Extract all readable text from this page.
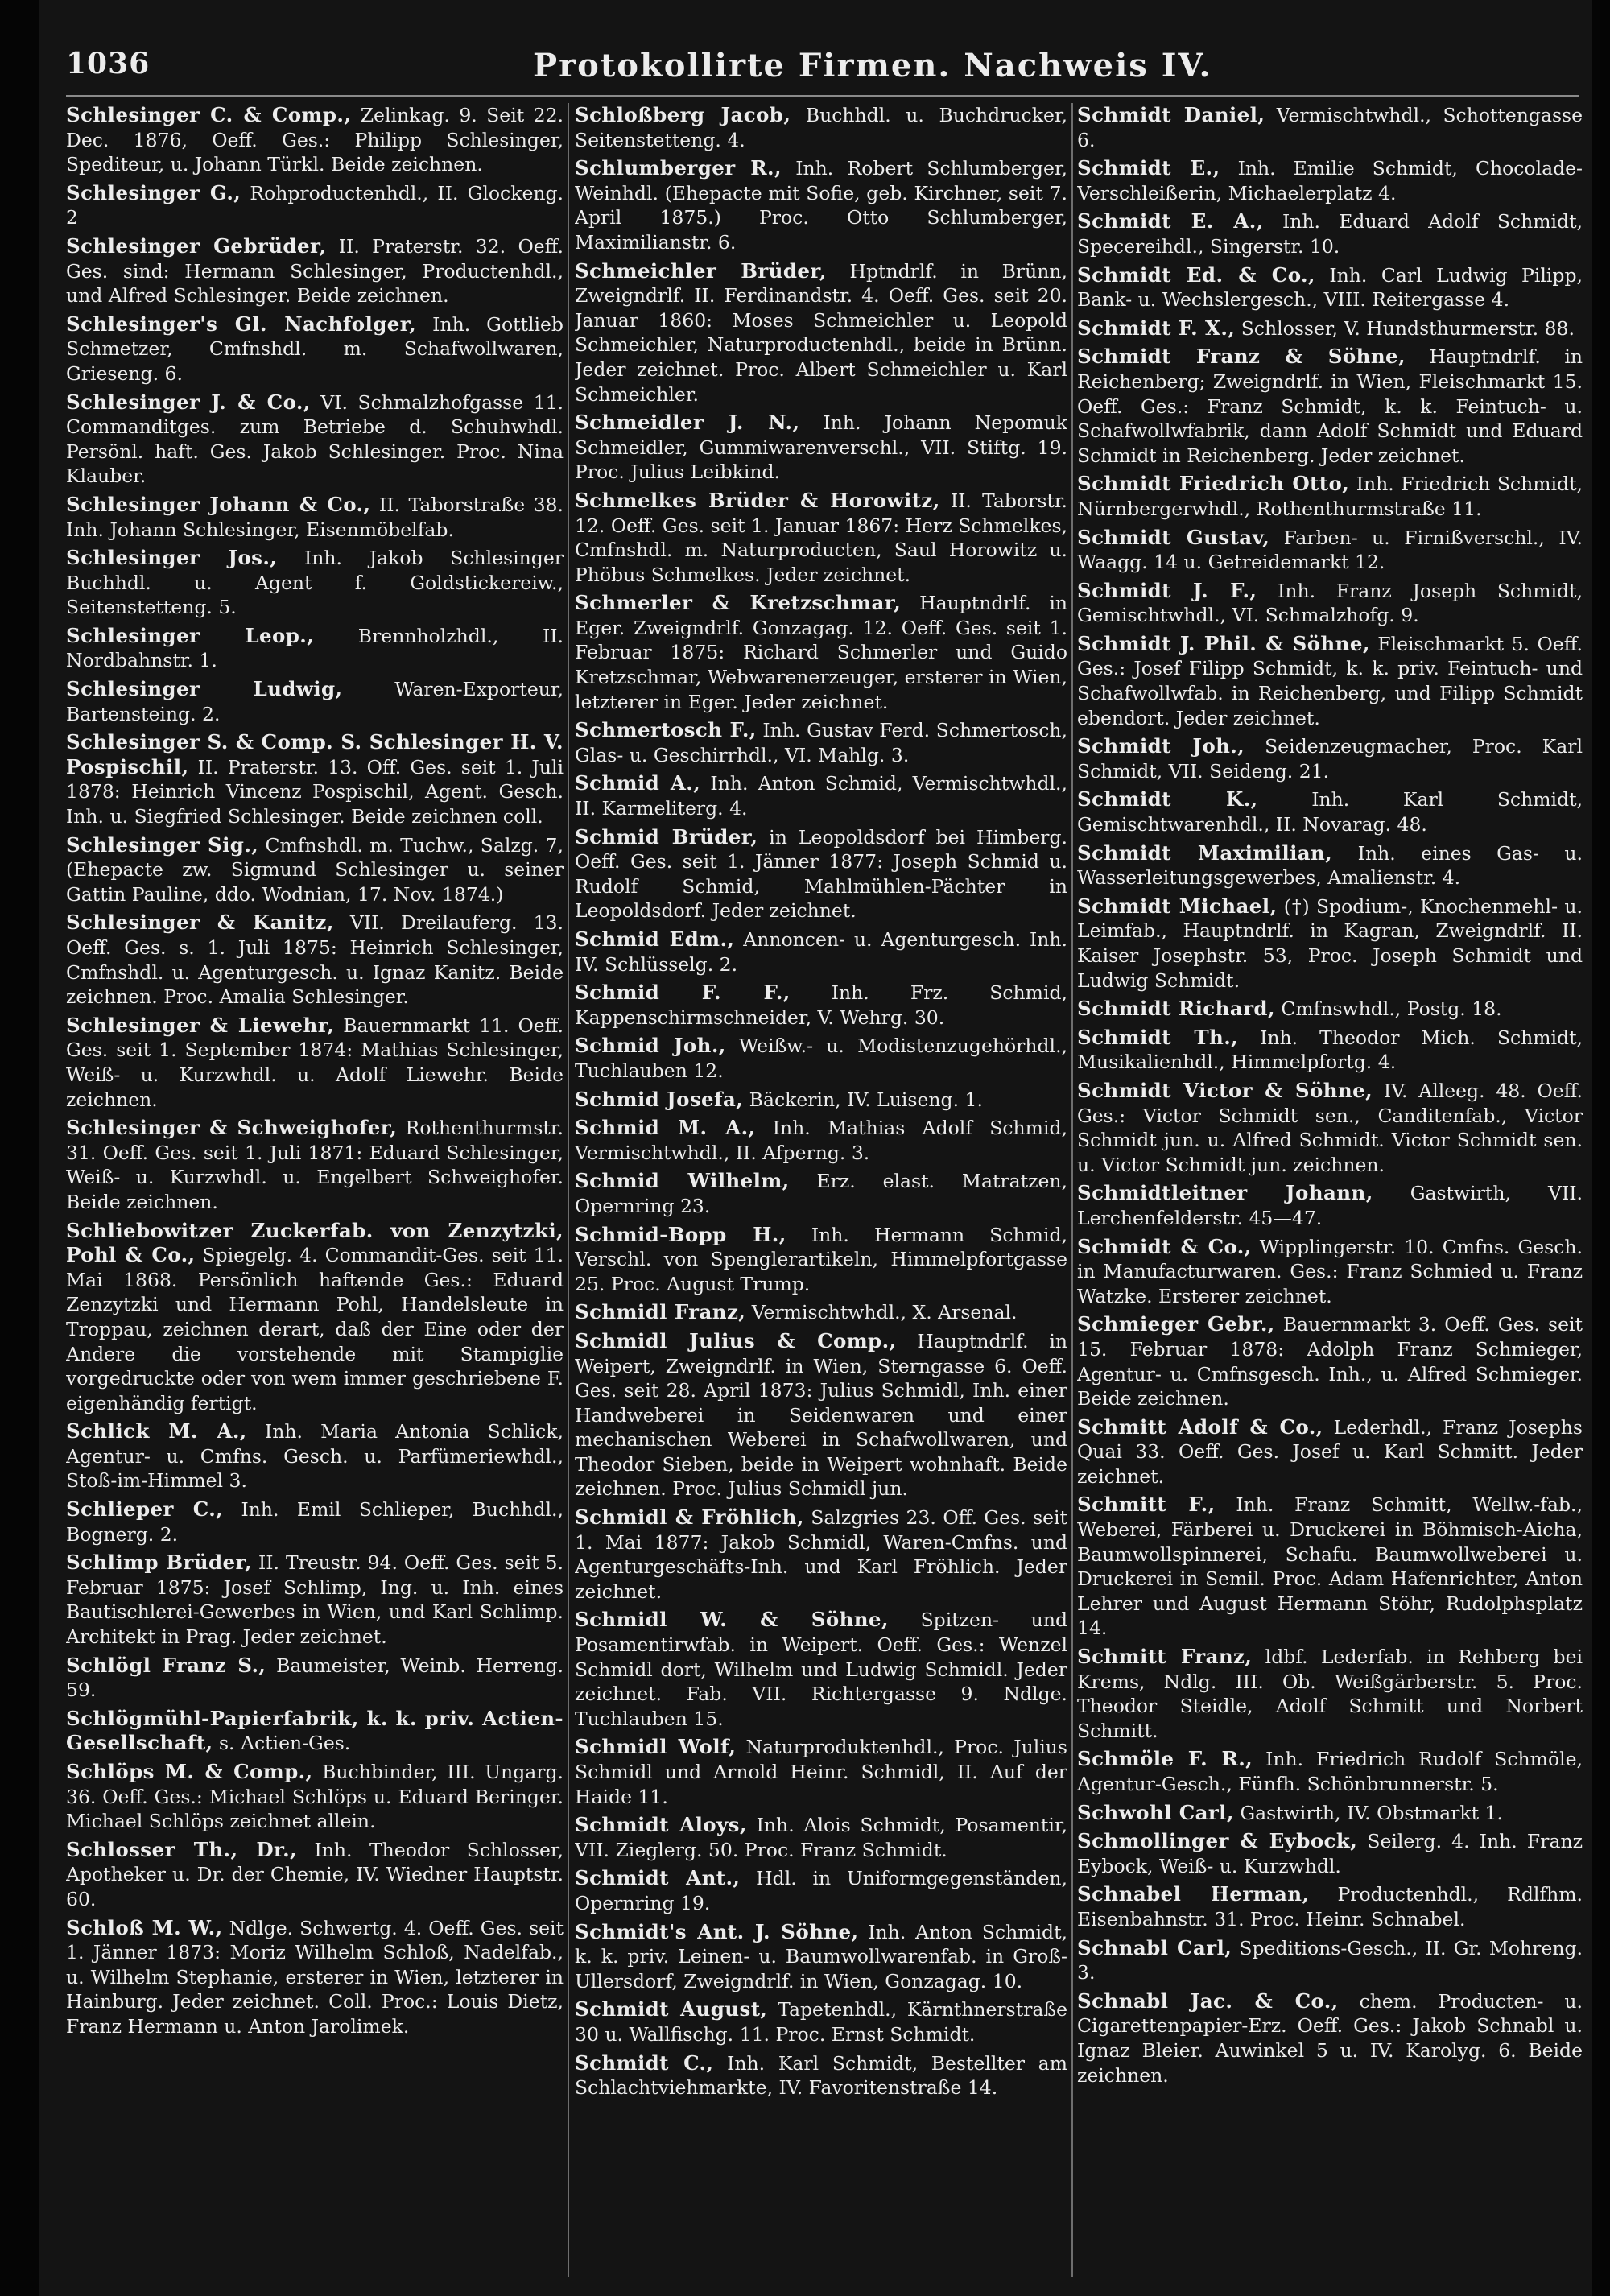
1036	Protokollirte Firmen. Nachweis IV.

Schlesinger C. & Comp., Zelinkag. 9. Seit 22. Dec. 1876, Oeff. Ges.: Philipp Schlesinger, Spediteur, u. Johann Türkl. Beide zeichnen.

Schlesinger G., Rohproductenhdl., II. Glockeng. 2

Schlesinger Gebrüder, II. Praterstr. 32. Oeff. Ges. sind: Hermann Schlesinger, Productenhdl., und Alfred Schlesinger. Beide zeichnen.

Schlesinger's Gl. Nachfolger, Inh. Gottlieb Schmetzer, Cmfnshdl. m. Schafwollwaren, Grieseng. 6.

Schlesinger J. & Co., VI. Schmalzhofgasse 11. Commanditges. zum Betriebe d. Schuhwhdl. Persönl. haft. Ges. Jakob Schlesinger. Proc. Nina Klauber.

Schlesinger Johann & Co., II. Taborstraße 38. Inh. Johann Schlesinger, Eisenmöbelfab.

Schlesinger Jos., Inh. Jakob Schlesinger Buchhdl. u. Agent f. Goldstickereiw., Seitenstetteng. 5.

Schlesinger Leop., Brennholzhdl., II. Nordbahnstr. 1.

Schlesinger Ludwig,	Waren-Exporteur, Bartensteing. 2.

Schlesinger S. & Comp. S. Schlesinger H. V. Pospischil, II. Praterstr. 13. Off. Ges. seit 1. Juli 1878: Heinrich Vincenz Pospischil, Agent. Gesch. Inh. u. Siegfried Schlesinger. Beide zeichnen coll.

Schlesinger Sig., Cmfnshdl. m. Tuchw., Salzg. 7, (Ehepacte zw. Sigmund Schlesinger u. seiner Gattin Pauline, ddo. Wodnian, 17. Nov. 1874.)

Schlesinger & Kanitz, VII. Dreilauferg. 13. Oeff. Ges. s. 1. Juli 1875: Heinrich Schlesinger, Cmfnshdl. u. Agenturgesch. u. Ignaz Kanitz. Beide zeichnen. Proc. Amalia Schlesinger.

Schlesinger & Liewehr, Bauernmarkt 11. Oeff. Ges. seit 1. September 1874: Mathias Schlesinger, Weiß- u. Kurzwhdl. u. Adolf Liewehr. Beide zeichnen.

Schlesinger & Schweighofer, Rothenthurmstr. 31. Oeff. Ges. seit 1. Juli 1871: Eduard Schlesinger, Weiß- u. Kurzwhdl. u. Engelbert Schweighofer. Beide zeichnen.

Schliebowitzer Zuckerfab. von Zenzytzki, Pohl & Co., Spiegelg. 4. Commandit-Ges. seit 11. Mai 1868. Persönlich haftende Ges.: Eduard Zenzytzki und Hermann Pohl, Handelsleute in Troppau, zeichnen derart, daß der Eine oder der Andere die vorstehende mit Stampiglie vorgedruckte oder von wem immer geschriebene F. eigenhändig fertigt.

Schlick M. A., Inh. Maria Antonia Schlick, Agentur- u. Cmfns. Gesch. u. Parfümeriewhdl., Stoß-im-Himmel 3.

Schlieper C., Inh. Emil Schlieper, Buchhdl., Bognerg. 2.

Schlimp Brüder, II. Treustr. 94. Oeff. Ges. seit 5. Februar 1875: Josef Schlimp, Ing. u. Inh. eines Bautischlerei-Gewerbes in Wien, und Karl Schlimp. Architekt in Prag. Jeder zeichnet.

Schlögl Franz S., Baumeister, Weinb. Herreng. 59.

Schlögmühl-Papierfabrik, k. k. priv. Actien-Gesellschaft, s. Actien-Ges.

Schlöps M. & Comp., Buchbinder, III. Ungarg. 36. Oeff. Ges.: Michael Schlöps u. Eduard Beringer. Michael Schlöps zeichnet allein.

Schlosser Th., Dr., Inh. Theodor Schlosser, Apotheker u. Dr. der Chemie, IV. Wiedner Hauptstr. 60.

Schloß M. W., Ndlge. Schwertg. 4. Oeff. Ges. seit 1. Jänner 1873: Moriz Wilhelm Schloß, Nadelfab., u. Wilhelm Stephanie, ersterer in Wien, letzterer in Hainburg. Jeder zeichnet. Coll. Proc.: Louis Dietz, Franz Hermann u. Anton Jarolimek.

Schloßberg Jacob, Buchhdl. u. Buchdrucker, Seitenstetteng. 4.

Schlumberger R., Inh. Robert Schlumberger, Weinhdl. (Ehepacte mit Sofie, geb. Kirchner, seit 7. April 1875.) Proc. Otto Schlumberger, Maximilianstr. 6.

Schmeichler Brüder, Hptndrlf. in Brünn, Zweigndrlf. II. Ferdinandstr. 4. Oeff. Ges. seit 20. Januar 1860: Moses Schmeichler u. Leopold Schmeichler, Naturproductenhdl., beide in Brünn. Jeder zeichnet. Proc. Albert Schmeichler u. Karl Schmeichler.

Schmeidler J. N., Inh. Johann Nepomuk Schmeidler, Gummiwarenverschl., VII. Stiftg. 19. Proc. Julius Leibkind.

Schmelkes Brüder & Horowitz, II. Taborstr. 12. Oeff. Ges. seit 1. Januar 1867: Herz Schmelkes, Cmfnshdl. m. Naturproducten, Saul Horowitz u. Phöbus Schmelkes. Jeder zeichnet.

Schmerler & Kretzschmar, Hauptndrlf. in Eger. Zweigndrlf. Gonzagag. 12. Oeff. Ges. seit 1. Februar 1875: Richard Schmerler und Guido Kretzschmar, Webwarenerzeuger, ersterer in Wien, letzterer in Eger. Jeder zeichnet.

Schmertosch F., Inh. Gustav Ferd. Schmertosch, Glas- u. Geschirrhdl., VI. Mahlg. 3.

Schmid A., Inh. Anton Schmid, Vermischtwhdl., II. Karmeliterg. 4.

Schmid Brüder, in Leopoldsdorf bei Himberg. Oeff. Ges. seit 1. Jänner 1877: Joseph Schmid u. Rudolf Schmid, Mahlmühlen-Pächter in Leopoldsdorf. Jeder zeichnet.

Schmid Edm., Annoncen- u. Agenturgesch. Inh. IV. Schlüsselg. 2.

Schmid F. F., Inh. Frz. Schmid, Kappenschirmschneider, V. Wehrg. 30.

Schmid Joh., Weißw.- u. Modistenzugehörhdl., Tuchlauben 12.

Schmid Josefa, Bäckerin, IV. Luiseng. 1.

Schmid M. A., Inh. Mathias Adolf Schmid, Vermischtwhdl., II. Afperng. 3.

Schmid Wilhelm, Erz. elast. Matratzen, Opernring 23.

Schmid-Bopp H., Inh. Hermann Schmid, Verschl. von Spenglerartikeln, Himmelpfortgasse 25. Proc. August Trump.

Schmidl Franz, Vermischtwhdl., X. Arsenal.

Schmidl Julius & Comp., Hauptndrlf. in Weipert, Zweigndrlf. in Wien, Sterngasse 6. Oeff. Ges. seit 28. April 1873: Julius Schmidl, Inh. einer Handweberei in Seidenwaren und einer mechanischen Weberei in Schafwollwaren, und Theodor Sieben, beide in Weipert wohnhaft. Beide zeichnen. Proc. Julius Schmidl jun.

Schmidl & Fröhlich, Salzgries 23. Off. Ges. seit 1. Mai 1877: Jakob Schmidl, Waren-Cmfns. und Agenturgeschäfts-Inh. und Karl Fröhlich. Jeder zeichnet.

Schmidl W. & Söhne, Spitzen- und Posamentirwfab. in Weipert. Oeff. Ges.: Wenzel Schmidl dort, Wilhelm und Ludwig Schmidl. Jeder zeichnet. Fab. VII. Richtergasse 9. Ndlge. Tuchlauben 15.

Schmidl Wolf, Naturproduktenhdl., Proc. Julius Schmidl und Arnold Heinr. Schmidl, II. Auf der Haide 11.

Schmidt Aloys, Inh. Alois Schmidt, Posamentir, VII. Zieglerg. 50. Proc. Franz Schmidt.

Schmidt Ant., Hdl. in Uniformgegenständen, Opernring 19.

Schmidt's Ant. J. Söhne, Inh. Anton Schmidt, k. k. priv. Leinen- u. Baumwollwarenfab. in Groß-Ullersdorf, Zweigndrlf. in Wien, Gonzagag. 10.

Schmidt August, Tapetenhdl., Kärnthnerstraße 30 u. Wallfischg. 11. Proc. Ernst Schmidt.

Schmidt C., Inh. Karl Schmidt, Bestellter am Schlachtviehmarkte, IV. Favoritenstraße 14.

Schmidt Daniel, Vermischtwhdl., Schottengasse 6.

Schmidt E., Inh. Emilie Schmidt, Chocolade-Verschleißerin, Michaelerplatz 4.

Schmidt E. A., Inh. Eduard Adolf Schmidt, Specereihdl., Singerstr. 10.

Schmidt Ed. & Co., Inh. Carl Ludwig Pilipp, Bank- u. Wechslergesch., VIII. Reitergasse 4.

Schmidt F. X., Schlosser, V. Hundsthurmerstr. 88.

Schmidt Franz & Söhne, Hauptndrlf. in Reichenberg; Zweigndrlf. in Wien, Fleischmarkt 15. Oeff. Ges.: Franz Schmidt, k. k. Feintuch- u. Schafwollwfabrik, dann Adolf Schmidt und Eduard Schmidt in Reichenberg. Jeder zeichnet.

Schmidt Friedrich Otto, Inh. Friedrich Schmidt, Nürnbergerwhdl., Rothenthurmstraße 11.

Schmidt Gustav, Farben- u. Firnißverschl., IV. Waagg. 14 u. Getreidemarkt 12.

Schmidt J. F., Inh. Franz Joseph Schmidt, Gemischtwhdl., VI. Schmalzhofg. 9.

Schmidt J. Phil. & Söhne, Fleischmarkt 5. Oeff. Ges.: Josef Filipp Schmidt, k. k. priv. Feintuch- und Schafwollwfab. in Reichenberg, und Filipp Schmidt ebendort. Jeder zeichnet.

Schmidt Joh., Seidenzeugmacher, Proc. Karl Schmidt, VII. Seideng. 21.

Schmidt K.,	Inh. Karl Schmidt, Gemischtwarenhdl., II. Novarag. 48.

Schmidt Maximilian, Inh. eines Gas- u. Wasserleitungsgewerbes, Amalienstr. 4.

Schmidt Michael, (†) Spodium-, Knochenmehl- u. Leimfab., Hauptndrlf. in Kagran, Zweigndrlf. II. Kaiser Josephstr. 53, Proc. Joseph Schmidt und Ludwig Schmidt.

Schmidt Richard, Cmfnswhdl., Postg. 18.

Schmidt Th., Inh. Theodor Mich. Schmidt, Musikalienhdl., Himmelpfortg. 4.

Schmidt Victor & Söhne, IV. Alleeg. 48. Oeff. Ges.: Victor Schmidt sen., Canditenfab., Victor Schmidt jun. u. Alfred Schmidt. Victor Schmidt sen. u. Victor Schmidt jun. zeichnen.

Schmidtleitner Johann, Gastwirth, VII. Lerchenfelderstr. 45—47.

Schmidt & Co., Wipplingerstr. 10. Cmfns. Gesch. in Manufacturwaren. Ges.: Franz Schmied u. Franz Watzke. Ersterer zeichnet.

Schmieger Gebr., Bauernmarkt 3. Oeff. Ges. seit 15. Februar 1878: Adolph Franz Schmieger, Agentur- u. Cmfnsgesch. Inh., u. Alfred Schmieger. Beide zeichnen.

Schmitt Adolf & Co., Lederhdl., Franz Josephs Quai 33. Oeff. Ges. Josef u. Karl Schmitt. Jeder zeichnet.

Schmitt F., Inh. Franz Schmitt, Wellw.-fab., Weberei, Färberei u. Druckerei in Böhmisch-Aicha, Baumwollspinnerei, Schafu. Baumwollweberei u. Druckerei in Semil. Proc. Adam Hafenrichter, Anton Lehrer und August Hermann Stöhr, Rudolphsplatz 14.

Schmitt Franz, ldbf. Lederfab. in Rehberg bei Krems, Ndlg. III. Ob. Weißgärberstr. 5. Proc. Theodor Steidle, Adolf Schmitt und Norbert Schmitt.

Schmöle F. R., Inh. Friedrich Rudolf Schmöle, Agentur-Gesch., Fünfh. Schönbrunnerstr. 5.

Schwohl Carl, Gastwirth, IV. Obstmarkt 1.

Schmollinger & Eybock, Seilerg. 4. Inh. Franz Eybock, Weiß- u. Kurzwhdl.

Schnabel Herman, Productenhdl., Rdlfhm. Eisenbahnstr. 31. Proc. Heinr. Schnabel.

Schnabl Carl, Speditions-Gesch., II. Gr. Mohreng. 3.

Schnabl Jac. & Co., chem. Producten- u. Cigarettenpapier-Erz. Oeff. Ges.: Jakob Schnabl u. Ignaz Bleier. Auwinkel 5 u. IV. Karolyg. 6. Beide zeichnen.
